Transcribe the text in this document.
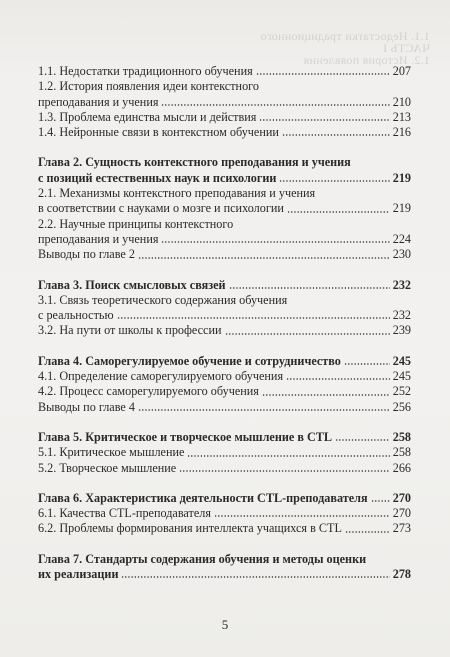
1.1. Недостатки традиционного
ЧАСТЬ I
1.2. История появления
1.1. Недостатки традиционного обучения	207
1.2. История появления идеи контекстного
преподавания и учения	210
1.3. Проблема единства мысли и действия	213
1.4. Нейронные связи в контекстном обучении	216
Глава 2. Сущность контекстного преподавания и учения
с позиций естественных наук и психологии	219
2.1. Механизмы контекстного преподавания и учения
в соответствии с науками о мозге и психологии	219
2.2. Научные принципы контекстного
преподавания и учения	224
Выводы по главе 2	230
Глава 3. Поиск смысловых связей	232
3.1. Связь теоретического содержания обучения
с реальностью	232
3.2. На пути от школы к профессии	239
Глава 4. Саморегулируемое обучение и сотрудничество	245
4.1. Определение саморегулируемого обучения	245
4.2. Процесс саморегулируемого обучения	252
Выводы по главе 4	256
Глава 5. Критическое и творческое мышление в CTL	258
5.1. Критическое мышление	258
5.2. Творческое мышление	266
Глава 6. Характеристика деятельности CTL-преподавателя 270
6.1. Качества CTL-преподавателя	270
6.2. Проблемы формирования интеллекта учащихся в CTL	273
Глава 7. Стандарты содержания обучения и методы оценки
их реализации	278
5
